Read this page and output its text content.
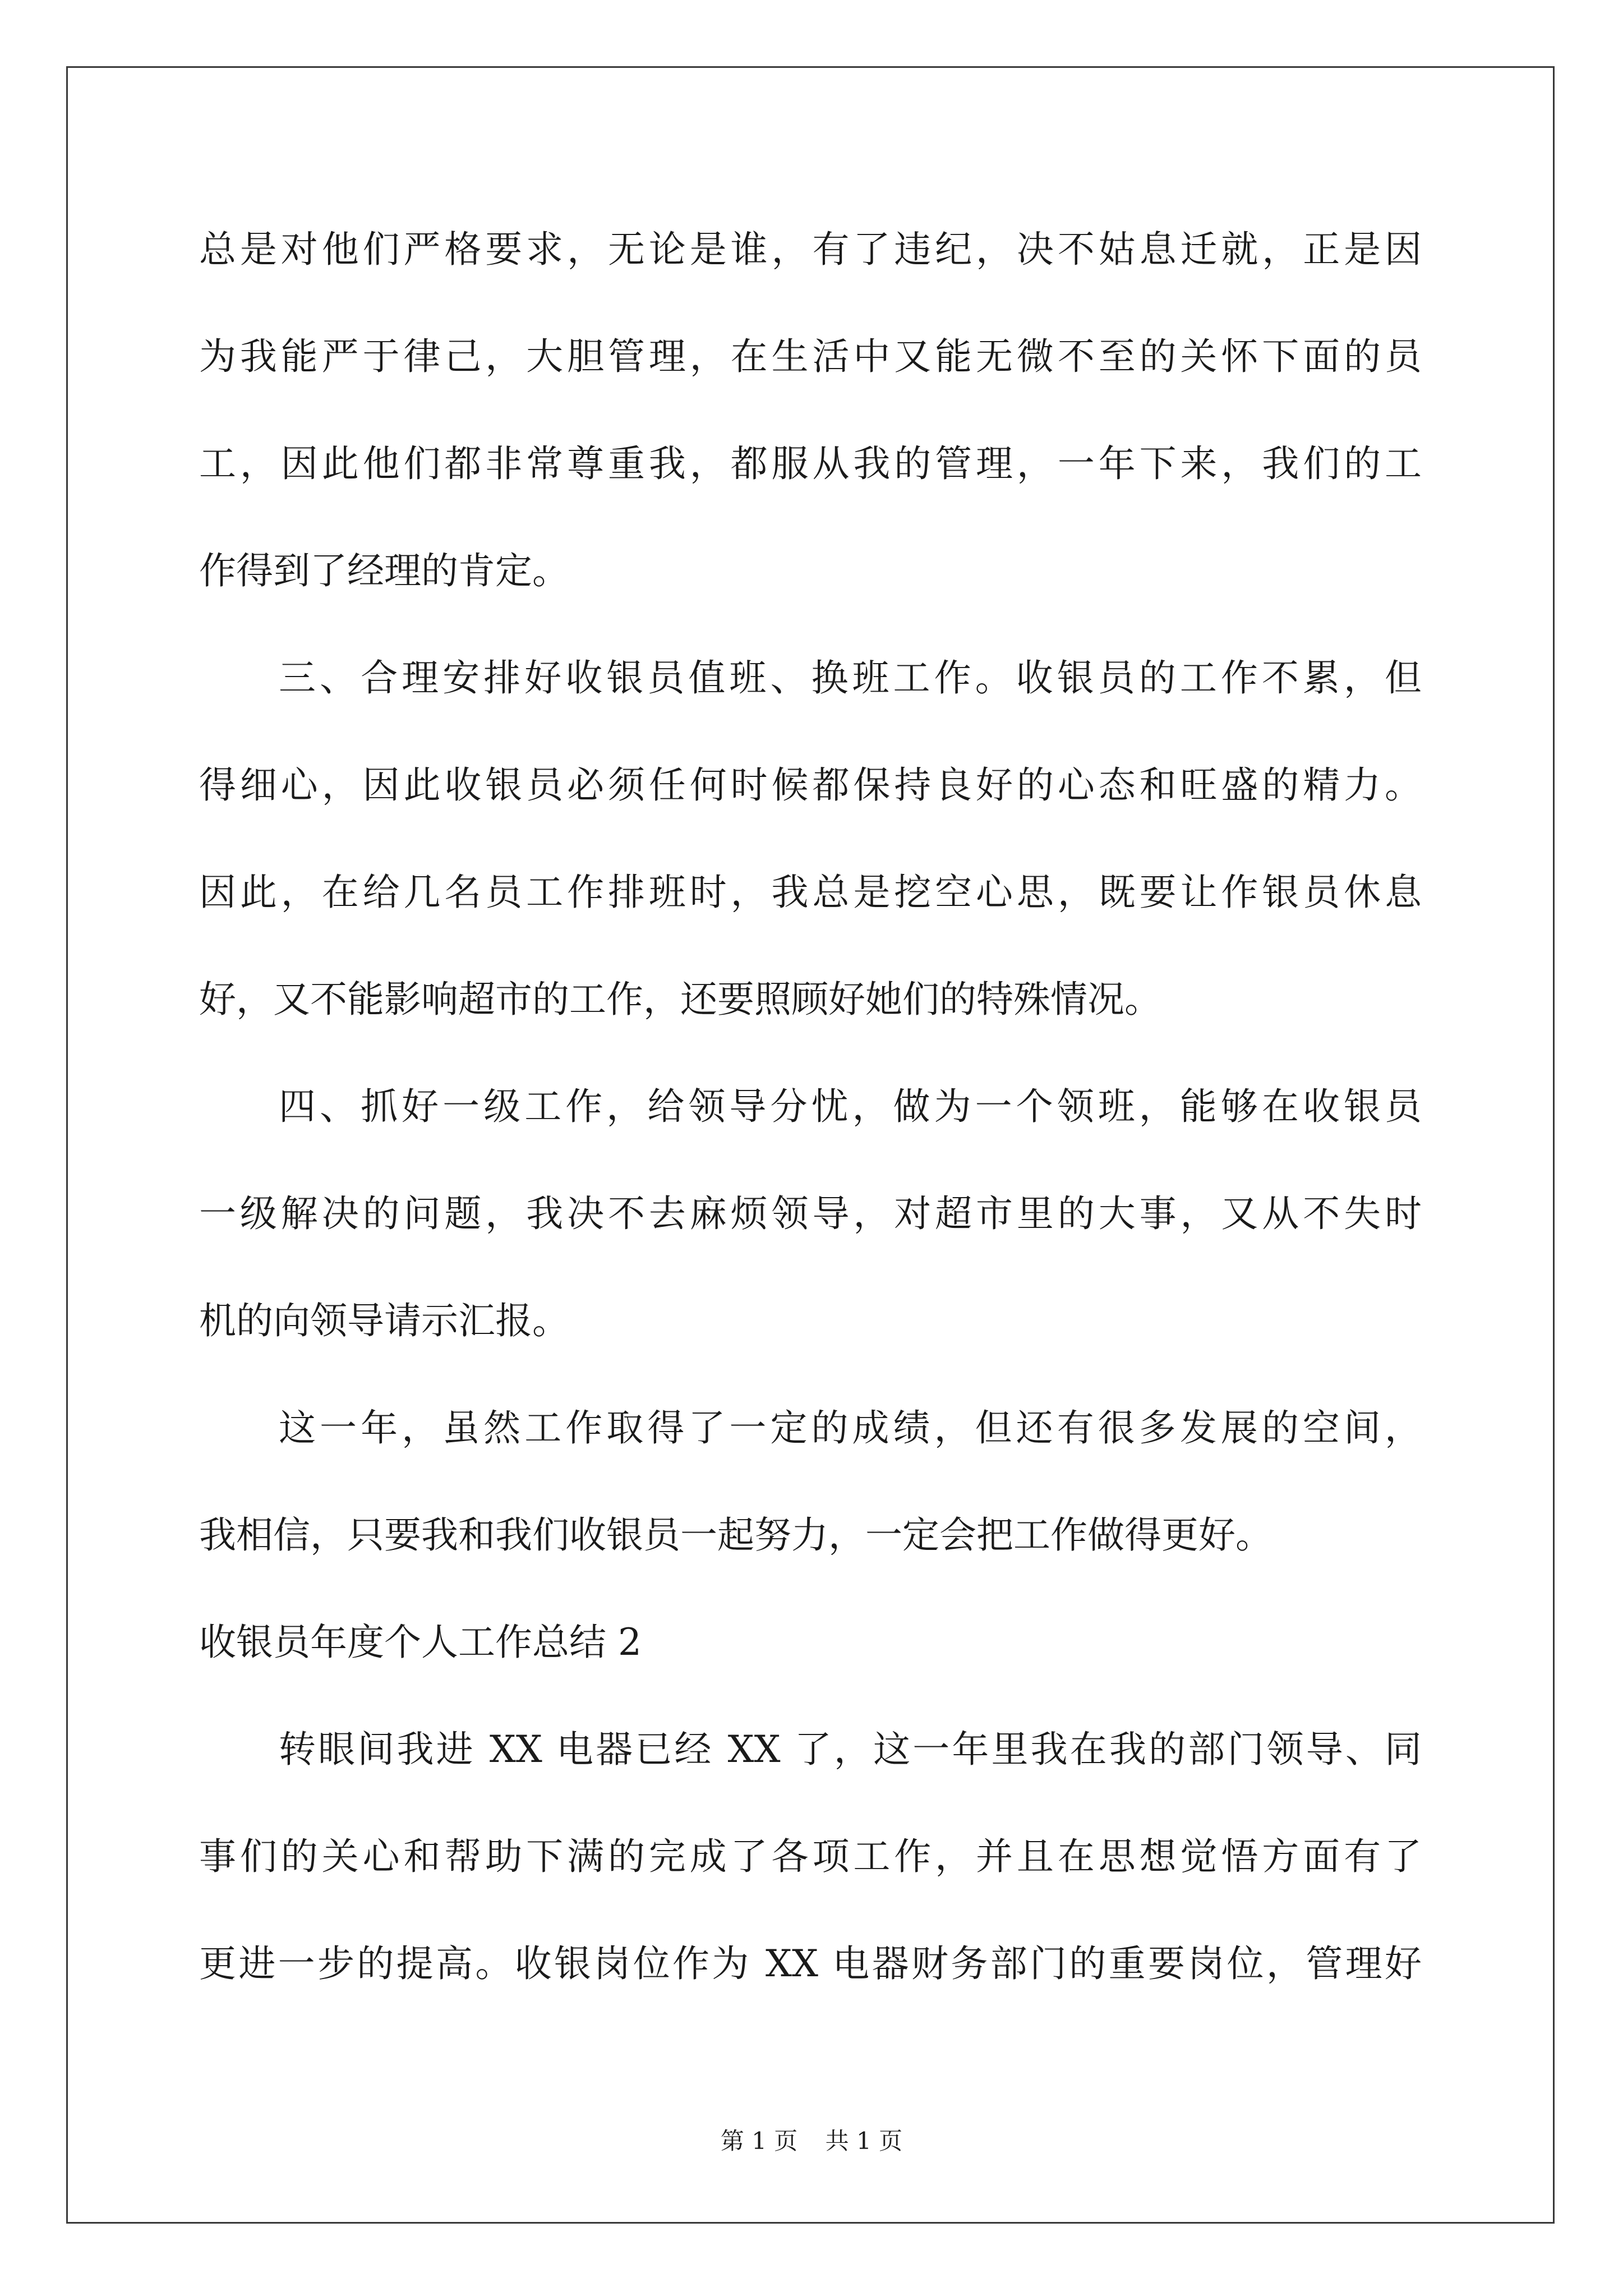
总是对他们严格要求，无论是谁，有了违纪，决不姑息迁就，正是因
为我能严于律己，大胆管理，在生活中又能无微不至的关怀下面的员
工，因此他们都非常尊重我，都服从我的管理，一年下来，我们的工
作得到了经理的肯定。
三、合理安排好收银员值班、换班工作。收银员的工作不累，但
得细心，因此收银员必须任何时候都保持良好的心态和旺盛的精力。
因此，在给几名员工作排班时，我总是挖空心思，既要让作银员休息
好，又不能影响超市的工作，还要照顾好她们的特殊情况。
四、抓好一级工作，给领导分忧，做为一个领班，能够在收银员
一级解决的问题，我决不去麻烦领导，对超市里的大事，又从不失时
机的向领导请示汇报。
这一年，虽然工作取得了一定的成绩，但还有很多发展的空间，
我相信，只要我和我们收银员一起努力，一定会把工作做得更好。
收银员年度个人工作总结 2
转眼间我进 XX 电器已经 XX 了，这一年里我在我的部门领导、同
事们的关心和帮助下满的完成了各项工作，并且在思想觉悟方面有了
更进一步的提高。收银岗位作为 XX 电器财务部门的重要岗位，管理好
第 1 页 共 1 页
